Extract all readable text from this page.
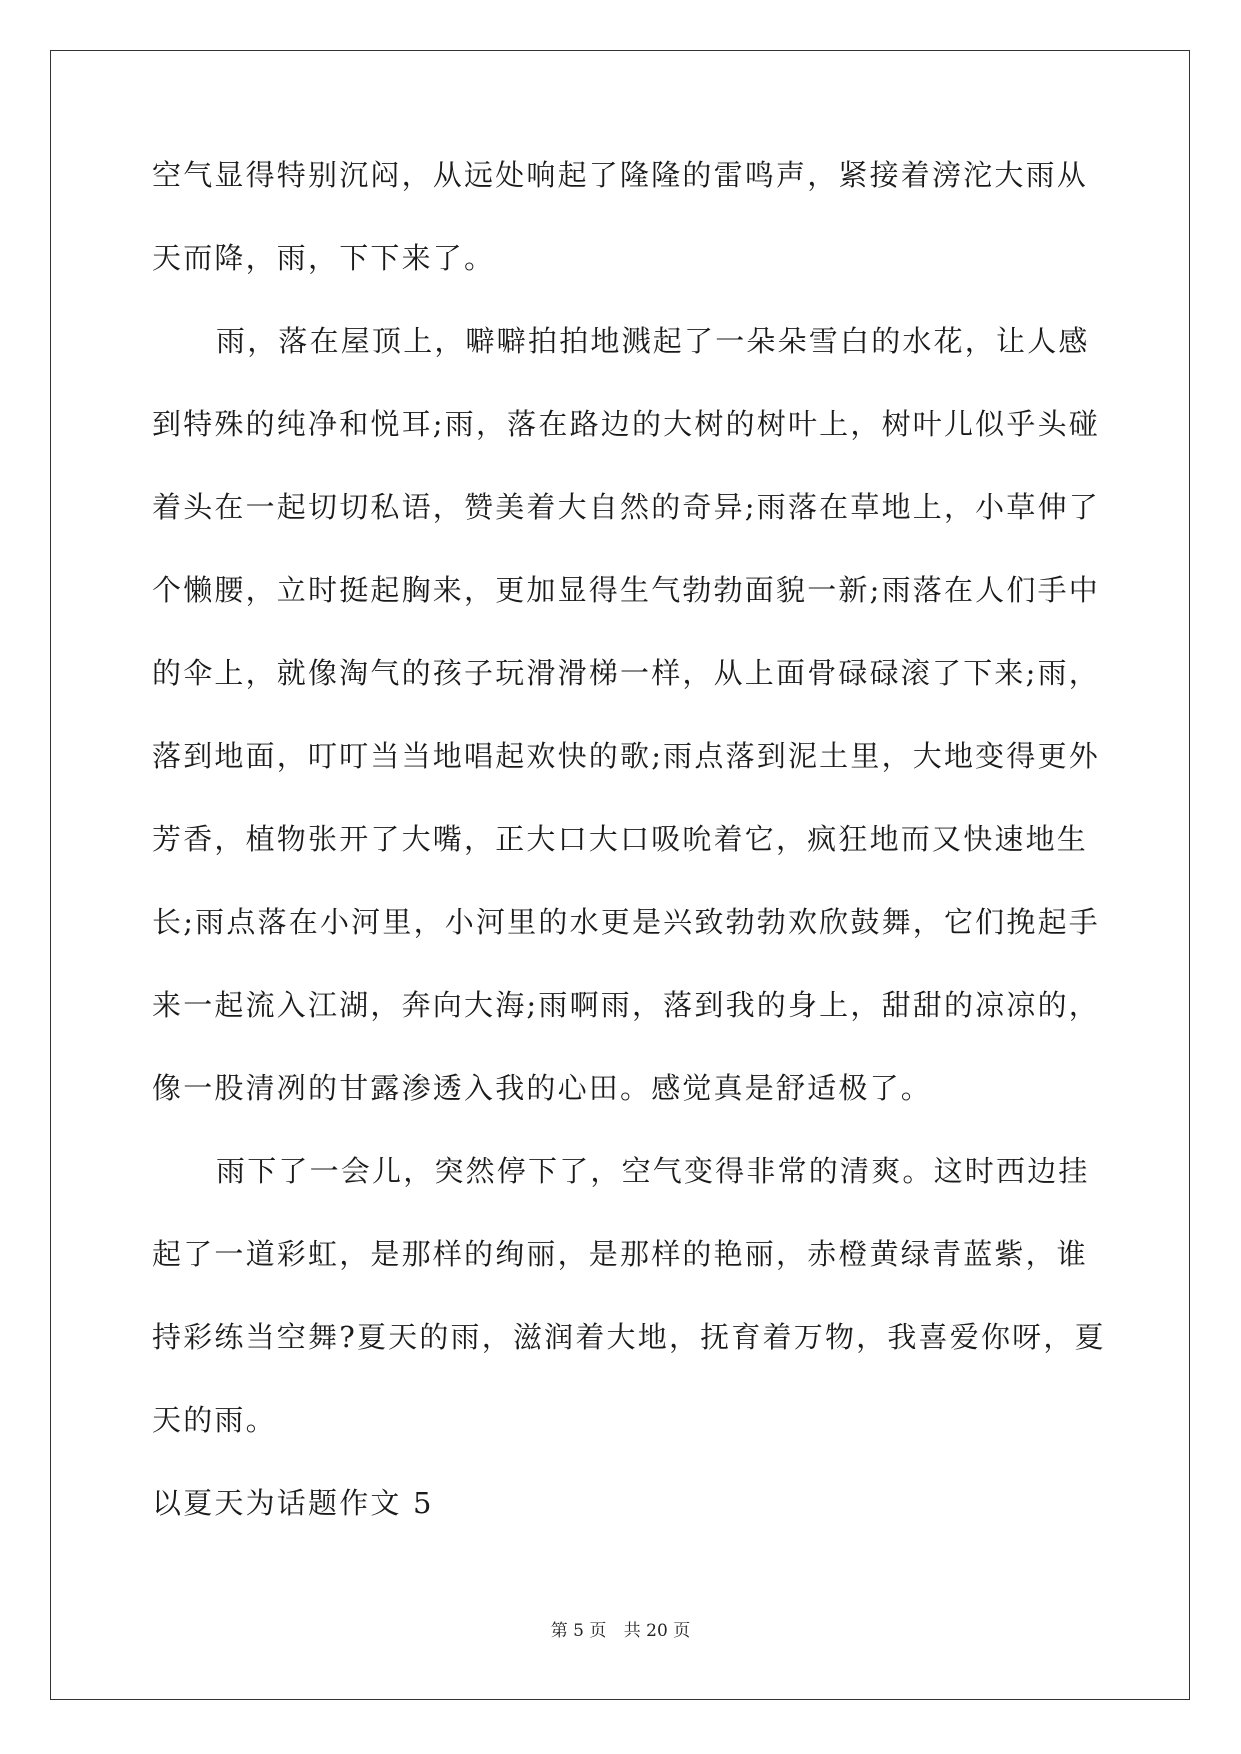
空气显得特别沉闷，从远处响起了隆隆的雷鸣声，紧接着滂沱大雨从
天而降，雨，下下来了。
雨，落在屋顶上，噼噼拍拍地溅起了一朵朵雪白的水花，让人感
到特殊的纯净和悦耳;雨，落在路边的大树的树叶上，树叶儿似乎头碰
着头在一起切切私语，赞美着大自然的奇异;雨落在草地上，小草伸了
个懒腰，立时挺起胸来，更加显得生气勃勃面貌一新;雨落在人们手中
的伞上，就像淘气的孩子玩滑滑梯一样，从上面骨碌碌滚了下来;雨，
落到地面，叮叮当当地唱起欢快的歌;雨点落到泥土里，大地变得更外
芳香，植物张开了大嘴，正大口大口吸吮着它，疯狂地而又快速地生
长;雨点落在小河里，小河里的水更是兴致勃勃欢欣鼓舞，它们挽起手
来一起流入江湖，奔向大海;雨啊雨，落到我的身上，甜甜的凉凉的，
像一股清冽的甘露渗透入我的心田。感觉真是舒适极了。
雨下了一会儿，突然停下了，空气变得非常的清爽。这时西边挂
起了一道彩虹，是那样的绚丽，是那样的艳丽，赤橙黄绿青蓝紫，谁
持彩练当空舞?夏天的雨，滋润着大地，抚育着万物，我喜爱你呀，夏
天的雨。
以夏天为话题作文 5
第 5 页 共 20 页
